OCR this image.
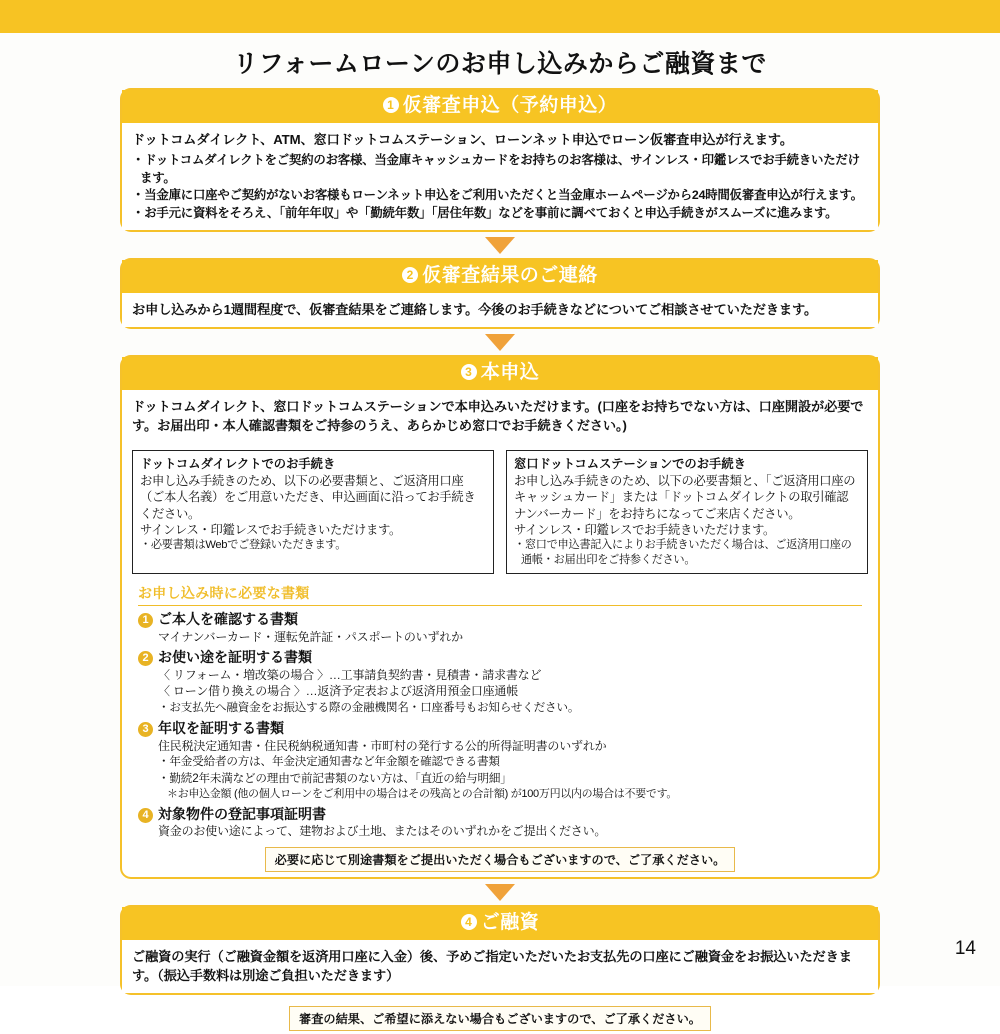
リフォームローンのお申し込みからご融資まで
1 仮審査申込（予約申込）
ドットコムダイレクト、ATM、窓口ドットコムステーション、ローンネット申込でローン仮審査申込が行えます。
・ ドットコムダイレクトをご契約のお客様、当金庫キャッシュカードをお持ちのお客様は、サインレス・印鑑レスでお手続きいただけます。
・ 当金庫に口座やご契約がないお客様もローンネット申込をご利用いただくと当金庫ホームページから24時間仮審査申込が行えます。
・ お手元に資料をそろえ、「前年年収」や「勤続年数」「居住年数」などを事前に調べておくと申込手続きがスムーズに進みます。
2 仮審査結果のご連絡
お申し込みから1週間程度で、仮審査結果をご連絡します。今後のお手続きなどについてご相談させていただきます。
3 本申込
ドットコムダイレクト、窓口ドットコムステーションで本申込みいただけます。(口座をお持ちでない方は、口座開設が必要です。お届出印・本人確認書類をご持参のうえ、あらかじめ窓口でお手続きください。)
ドットコムダイレクトでのお手続き

お申し込み手続きのため、以下の必要書類と、ご返済用口座（ご本人名義）をご用意いただき、申込画面に沿ってお手続きください。

サインレス・印鑑レスでお手続きいただけます。

・ 必要書類はWebでご登録いただきます。

窓口ドットコムステーションでのお手続き

お申し込み手続きのため、以下の必要書類と、「ご返済用口座のキャッシュカード」または「ドットコムダイレクトの取引確認ナンバーカード」をお持ちになってご来店ください。

サインレス・印鑑レスでお手続きいただけます。

・ 窓口で申込書記入によりお手続きいただく場合は、ご返済用口座の

通帳・お届出印をご持参ください。

お申し込み時に必要な書類
1 ご本人を確認する書類
マイナンバーカード・運転免許証・パスポートのいずれか
2 お使い途を証明する書類
〈 リフォーム・増改築の場合 〉…工事請負契約書・見積書・請求書など
〈 ローン借り換えの場合 〉…返済予定表および返済用預金口座通帳
・ お支払先へ融資金をお振込する際の金融機関名・口座番号もお知らせください。
3 年収を証明する書類
住民税決定通知書・住民税納税通知書・市町村の発行する公的所得証明書のいずれか
・ 年金受給者の方は、年金決定通知書など年金額を確認できる書類
・ 勤続2年未満などの理由で前記書類のない方は、「直近の給与明細」
＊お申込金額 (他の個人ローンをご利用中の場合はその残高との合計額) が100万円以内の場合は不要です。
4 対象物件の登記事項証明書
資金のお使い途によって、建物および土地、またはそのいずれかをご提出ください。
必要に応じて別途書類をご提出いただく場合もございますので、ご了承ください。
4 ご融資
ご融資の実行（ご融資金額を返済用口座に入金）後、予めご指定いただいたお支払先の口座にご融資金をお振込いただきます。（振込手数料は別途ご負担いただきます）
審査の結果、ご希望に添えない場合もございますので、ご了承ください。
14
